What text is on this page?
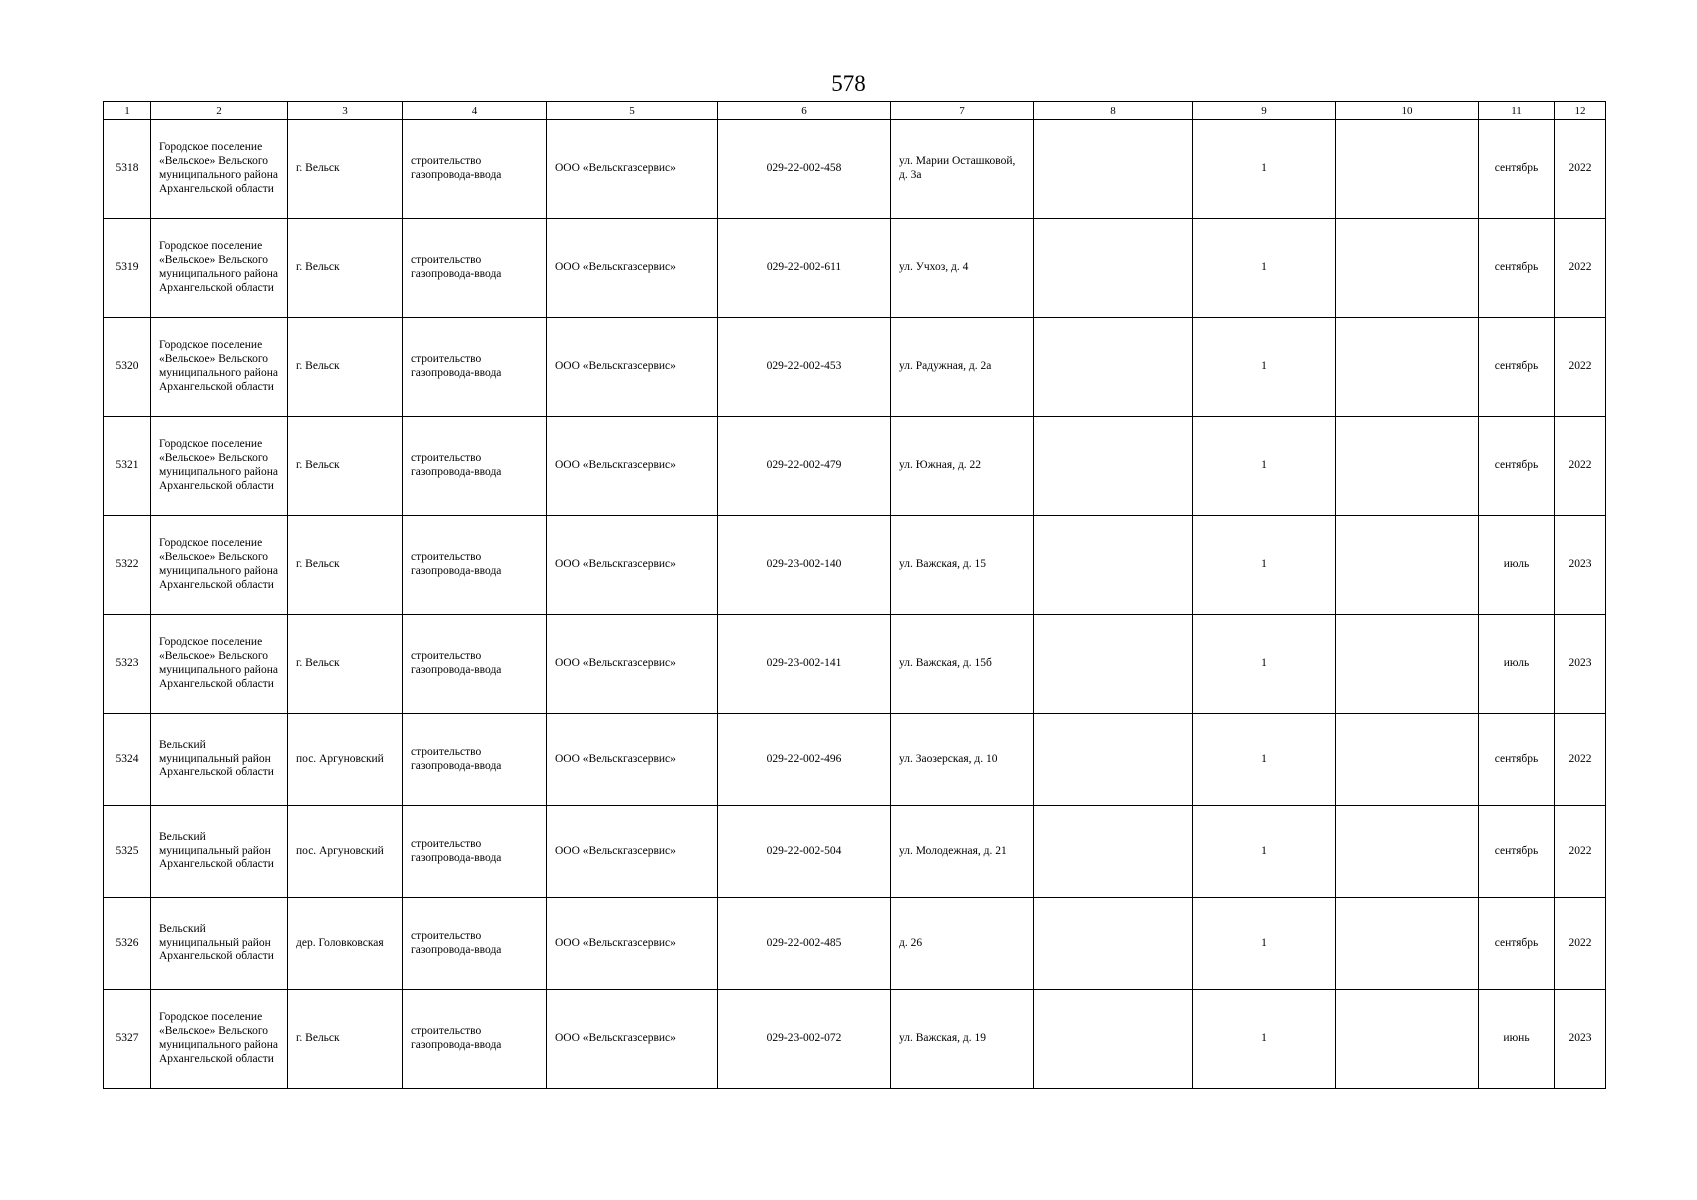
578
1	2	3	4	5	6	7	8	9	10	11	12
5318	Городское поселение «Вельское» Вельского муниципального района Архангельской области	г. Вельск	строительство газопровода-ввода	ООО «Вельскгазсервис»	029-22-002-458	ул. Марии Осташковой, д. 3а		1		сентябрь	2022
5319	Городское поселение «Вельское» Вельского муниципального района Архангельской области	г. Вельск	строительство газопровода-ввода	ООО «Вельскгазсервис»	029-22-002-611	ул. Учхоз, д. 4		1		сентябрь	2022
5320	Городское поселение «Вельское» Вельского муниципального района Архангельской области	г. Вельск	строительство газопровода-ввода	ООО «Вельскгазсервис»	029-22-002-453	ул. Радужная, д. 2а		1		сентябрь	2022
5321	Городское поселение «Вельское» Вельского муниципального района Архангельской области	г. Вельск	строительство газопровода-ввода	ООО «Вельскгазсервис»	029-22-002-479	ул. Южная, д. 22		1		сентябрь	2022
5322	Городское поселение «Вельское» Вельского муниципального района Архангельской области	г. Вельск	строительство газопровода-ввода	ООО «Вельскгазсервис»	029-23-002-140	ул. Важская, д. 15		1		июль	2023
5323	Городское поселение «Вельское» Вельского муниципального района Архангельской области	г. Вельск	строительство газопровода-ввода	ООО «Вельскгазсервис»	029-23-002-141	ул. Важская, д. 15б		1		июль	2023
5324	Вельский муниципальный район Архангельской области	пос. Аргуновский	строительство газопровода-ввода	ООО «Вельскгазсервис»	029-22-002-496	ул. Заозерская, д. 10		1		сентябрь	2022
5325	Вельский муниципальный район Архангельской области	пос. Аргуновский	строительство газопровода-ввода	ООО «Вельскгазсервис»	029-22-002-504	ул. Молодежная, д. 21		1		сентябрь	2022
5326	Вельский муниципальный район Архангельской области	дер. Головковская	строительство газопровода-ввода	ООО «Вельскгазсервис»	029-22-002-485	д. 26		1		сентябрь	2022
5327	Городское поселение «Вельское» Вельского муниципального района Архангельской области	г. Вельск	строительство газопровода-ввода	ООО «Вельскгазсервис»	029-23-002-072	ул. Важская, д. 19		1		июнь	2023
